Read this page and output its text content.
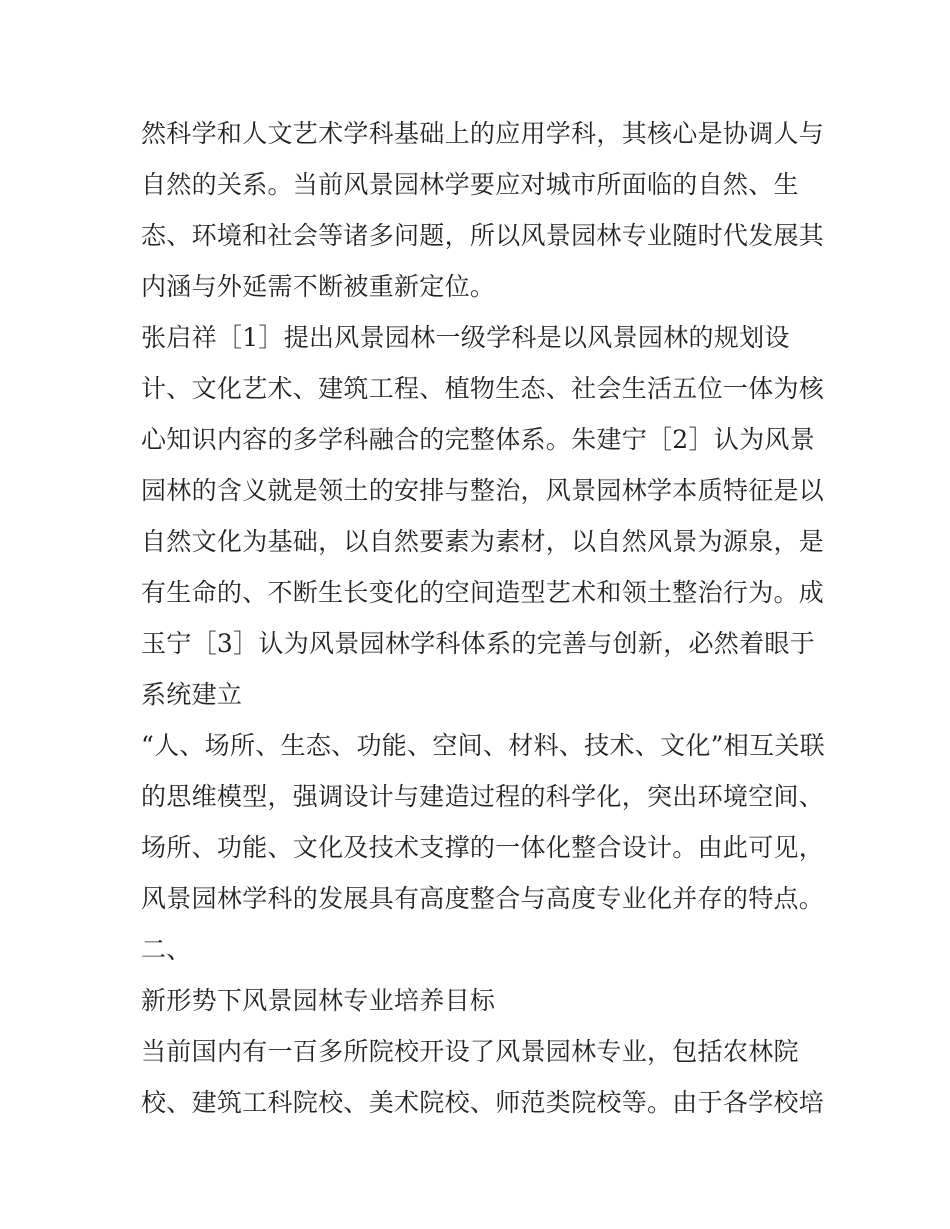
然科学和人文艺术学科基础上的应用学科，其核心是协调人与
自然的关系。当前风景园林学要应对城市所面临的自然、生
态、环境和社会等诸多问题，所以风景园林专业随时代发展其
内涵与外延需不断被重新定位。
张启祥［1］提出风景园林一级学科是以风景园林的规划设
计、文化艺术、建筑工程、植物生态、社会生活五位一体为核
心知识内容的多学科融合的完整体系。朱建宁［2］认为风景
园林的含义就是领土的安排与整治，风景园林学本质特征是以
自然文化为基础，以自然要素为素材，以自然风景为源泉，是
有生命的、不断生长变化的空间造型艺术和领土整治行为。成
玉宁［3］认为风景园林学科体系的完善与创新，必然着眼于
系统建立
“人、场所、生态、功能、空间、材料、技术、文化”相互关联
的思维模型，强调设计与建造过程的科学化，突出环境空间、
场所、功能、文化及技术支撑的一体化整合设计。由此可见，
风景园林学科的发展具有高度整合与高度专业化并存的特点。
二、
新形势下风景园林专业培养目标
当前国内有一百多所院校开设了风景园林专业，包括农林院
校、建筑工科院校、美术院校、师范类院校等。由于各学校培
